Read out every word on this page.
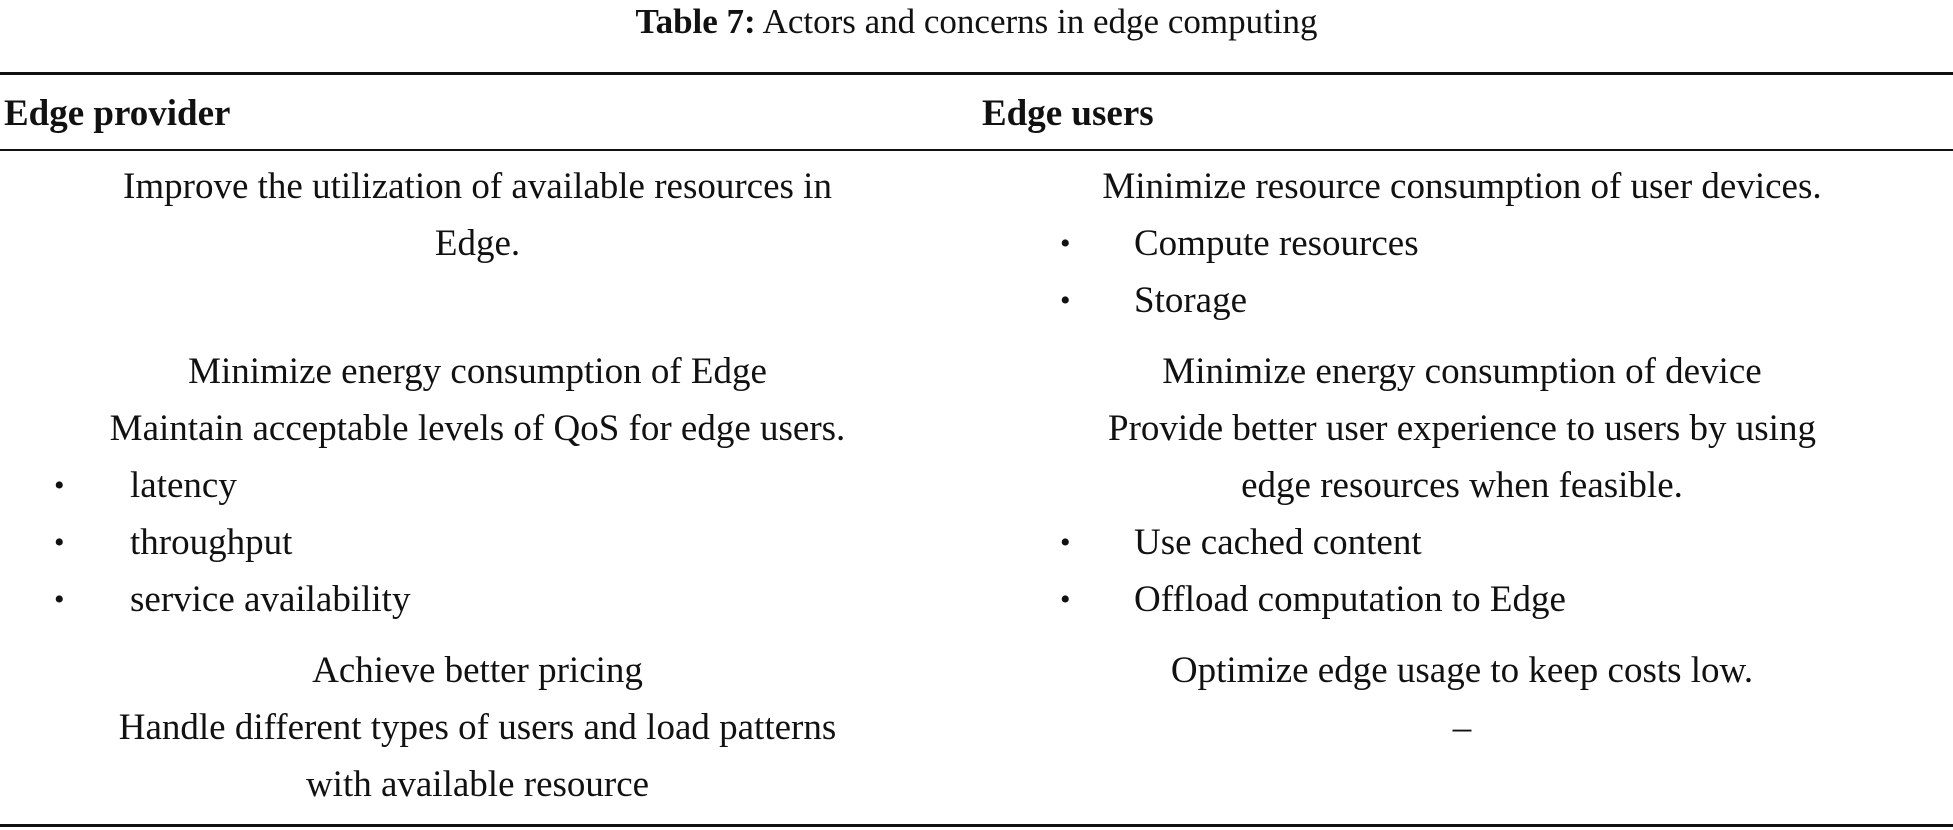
Table 7: Actors and concerns in edge computing
Edge provider	Edge users
Improve the utilization of available resources in
Edge.

Minimize energy consumption of Edge
Maintain acceptable levels of QoS for edge users.
• latency
• throughput
• service availability
Achieve better pricing
Handle different types of users and load patterns
with available resource
Minimize resource consumption of user devices.
• Compute resources
• Storage
Minimize energy consumption of device
Provide better user experience to users by using
edge resources when feasible.
• Use cached content
• Offload computation to Edge
Optimize edge usage to keep costs low.
–
